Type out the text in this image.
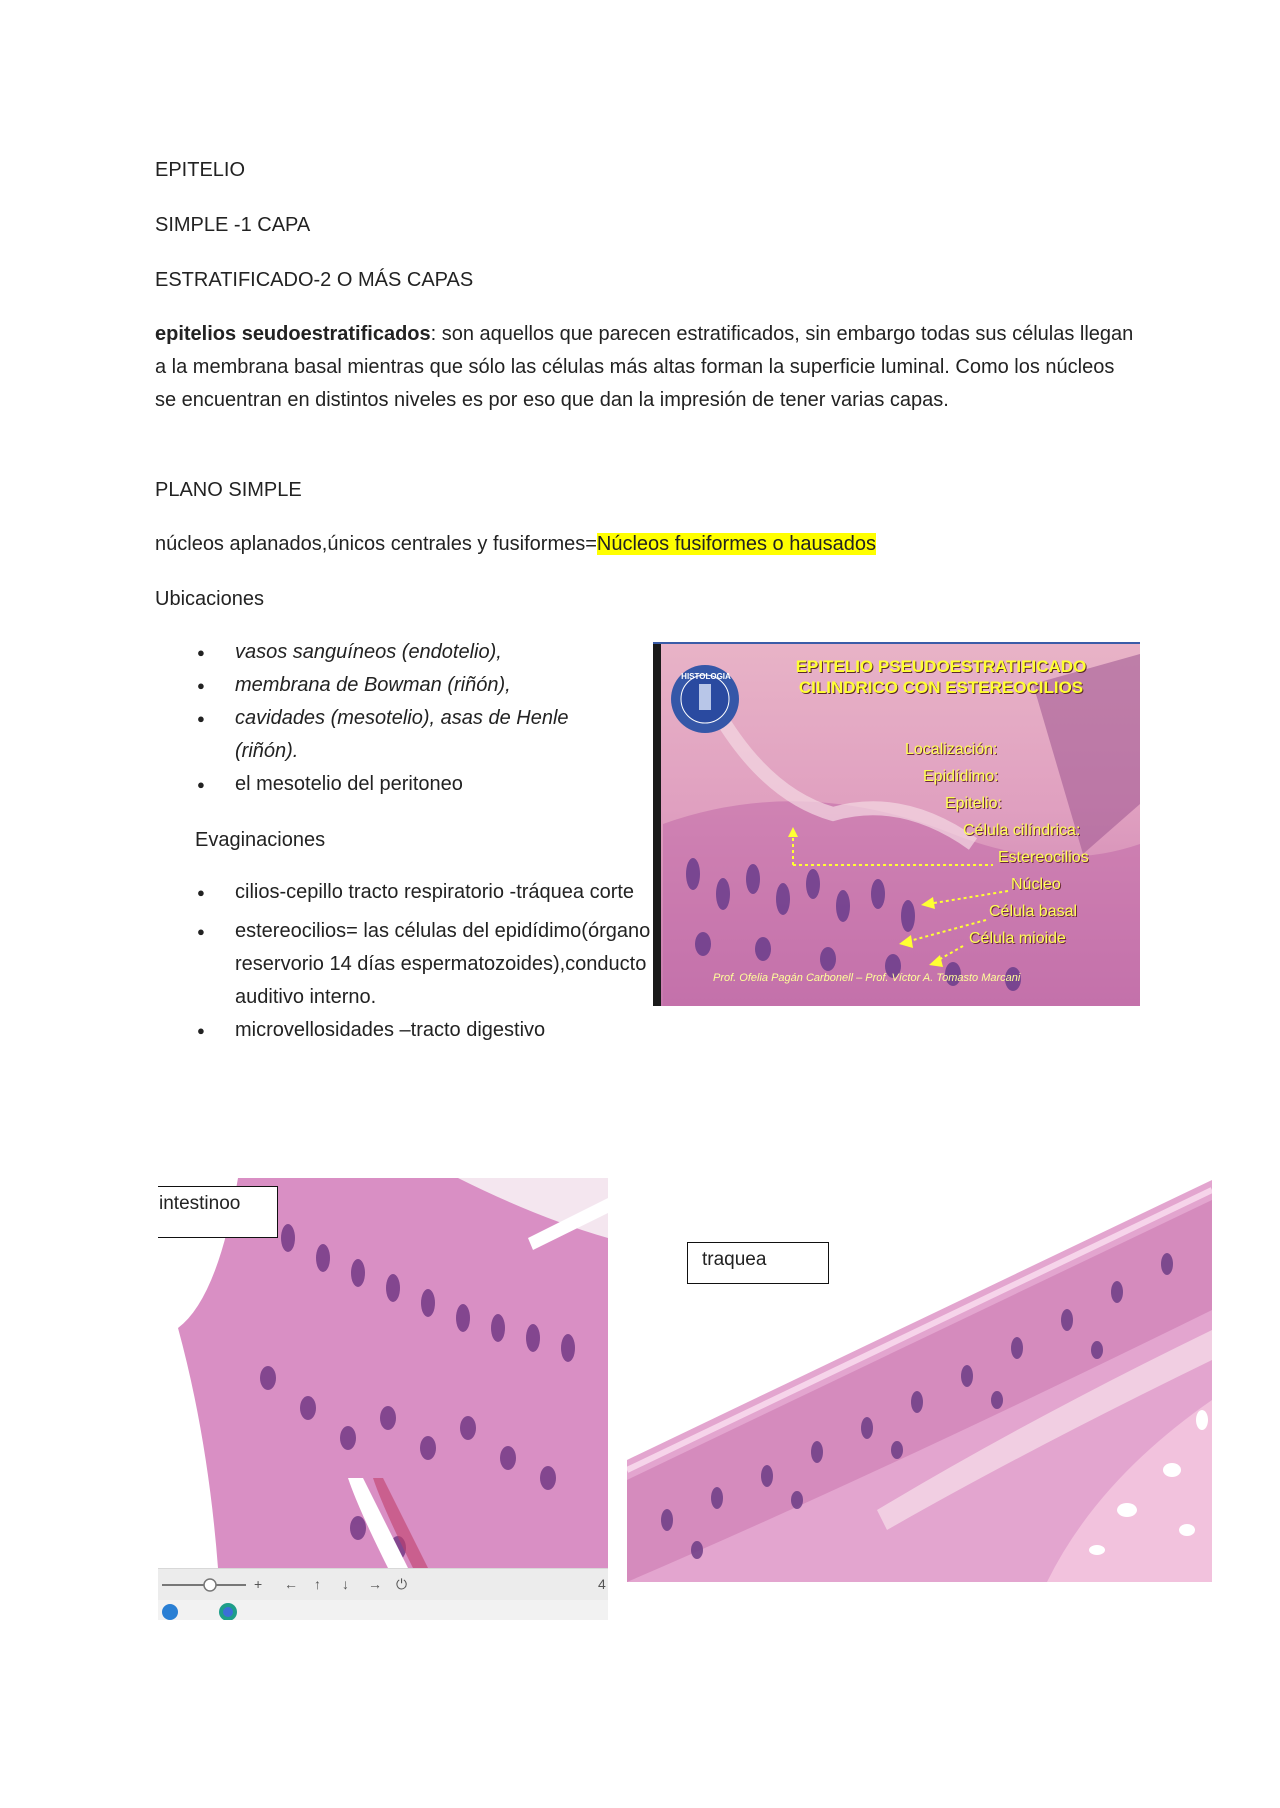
EPITELIO

SIMPLE -1 CAPA

ESTRATIFICADO-2 O MÁS CAPAS

epitelios seudoestratificados: son aquellos que parecen estratificados, sin embargo todas sus células llegan a la membrana basal mientras que sólo las células más altas forman la superficie luminal. Como los núcleos se encuentran en distintos niveles es por eso que dan la impresión de tener varias capas.

PLANO SIMPLE

núcleos aplanados,únicos centrales y fusiformes=Núcleos fusiformes o hausados

Ubicaciones

● vasos sanguíneos (endotelio),
● membrana de Bowman (riñón),
● cavidades (mesotelio), asas de Henle (riñón).
● el mesotelio del peritoneo

Evaginaciones

● cilios-cepillo tracto respiratorio -tráquea corte
● estereocilios= las células del epidídimo(órgano reservorio 14 días espermatozoides),conducto auditivo interno.
● microvellosidades –tracto digestivo
HISTOLOGIA
EPITELIO PSEUDOESTRATIFICADO
CILINDRICO CON ESTEREOCILIOS
Localización:
Epidídimo:
Epitelio:
Célula cilíndrica:
Estereocilios
Núcleo
Célula basal
Célula mioide
Prof. Ofelia Pagán Carbonell – Prof. Víctor A. Tomasto Marcani
intestinoo
+ ← ↑ ↓ → ⏻	4
traquea
